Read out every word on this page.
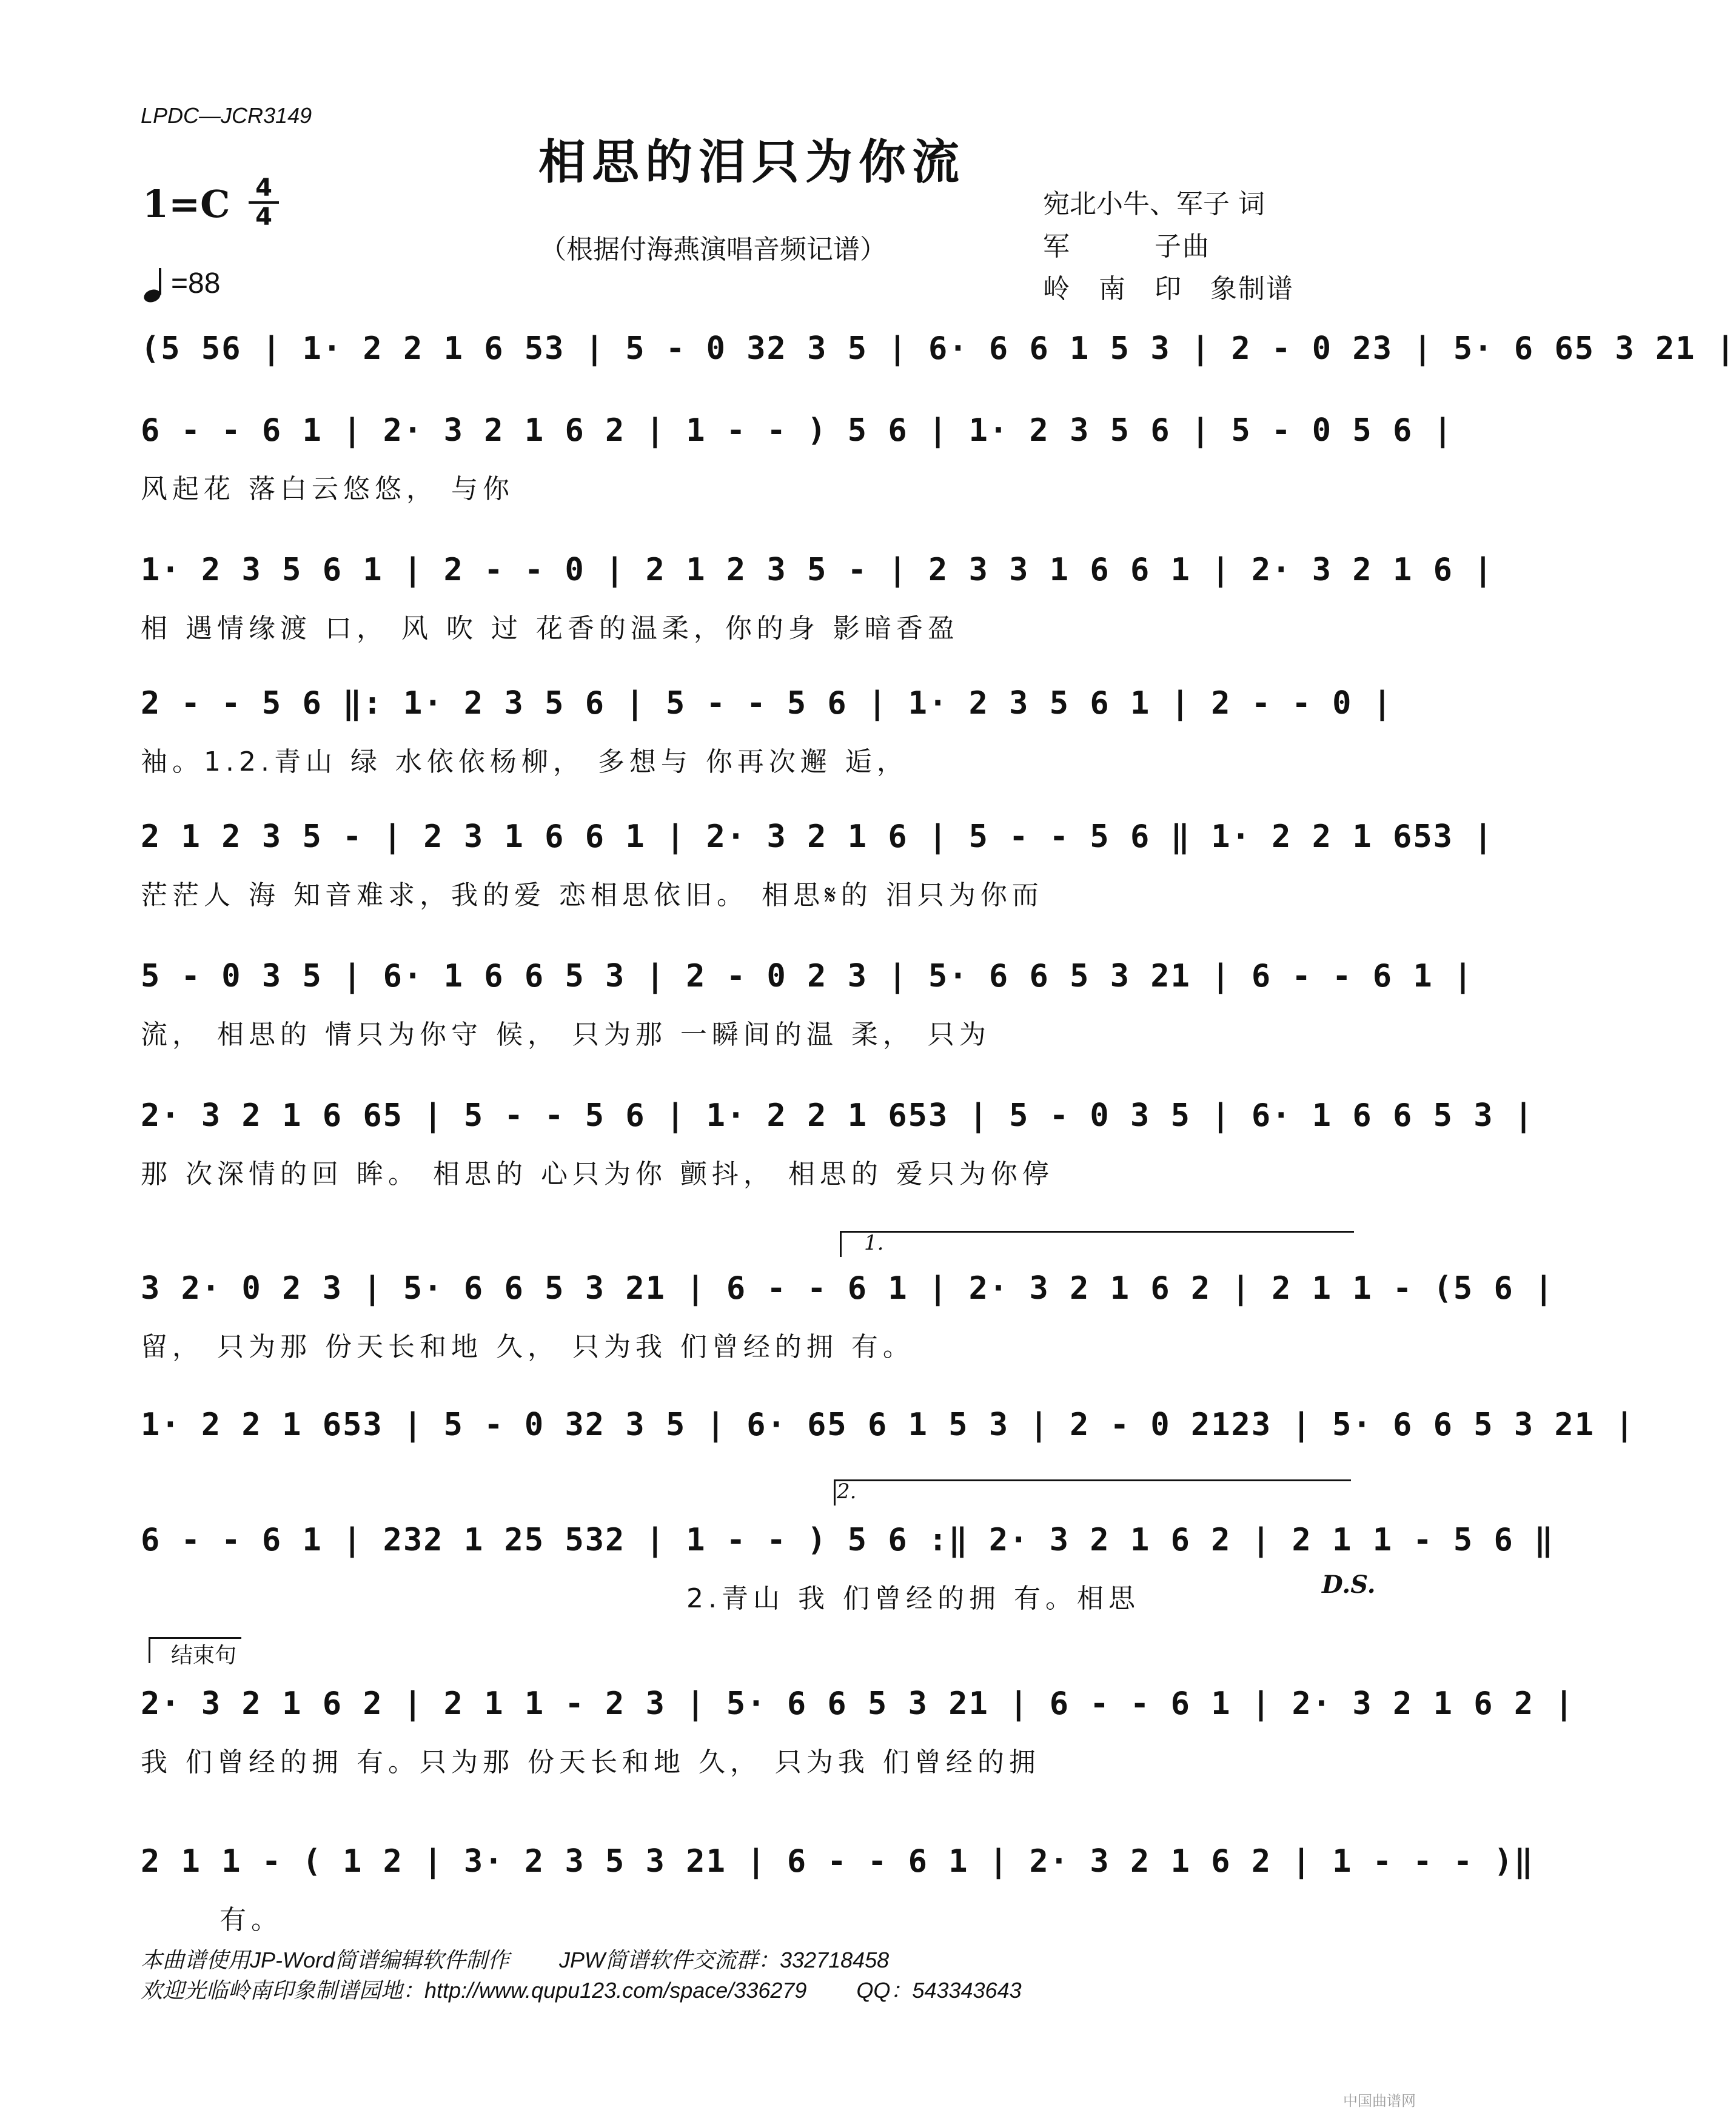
LPDC—JCR3149
相思的泪只为你流
1=C 4
4
=88
（根据付海燕演唱音频记谱）
宛北小牛、军子 词
军　　　子曲
岭　南　印　象制谱
(5 56 | 1· 2 2 1 6 53 | 5 - 0 32 3 5 | 6· 6 6 1 5 3 | 2 - 0 23 | 5· 6 65 3 21 |
6 - - 6 1 | 2· 3 2 1 6 2 | 1 - - ) 5 6 | 1· 2 3 5 6 | 5 - 0 5 6 |
风起花 落白云悠悠， 与你
1· 2 3 5 6 1 | 2 - - 0 | 2 1 2 3 5 - | 2 3 3 1 6 6 1 | 2· 3 2 1 6 |
相 遇情缘渡 口， 风 吹 过 花香的温柔，你的身 影暗香盈
2 - - 5 6 ‖: 1· 2 3 5 6 | 5 - - 5 6 | 1· 2 3 5 6 1 | 2 - - 0 |
袖。1.2.青山 绿 水依依杨柳， 多想与 你再次邂 逅，
2 1 2 3 5 - | 2 3 1 6 6 1 | 2· 3 2 1 6 | 5 - - 5 6 ‖ 1· 2 2 1 653 |
茫茫人 海 知音难求，我的爱 恋相思依旧。 相思𝄋的 泪只为你而
5 - 0 3 5 | 6· 1 6 6 5 3 | 2 - 0 2 3 | 5· 6 6 5 3 21 | 6 - - 6 1 |
流， 相思的 情只为你守 候， 只为那 一瞬间的温 柔， 只为
2· 3 2 1 6 65 | 5 - - 5 6 | 1· 2 2 1 653 | 5 - 0 3 5 | 6· 1 6 6 5 3 |
那 次深情的回 眸。 相思的 心只为你 颤抖， 相思的 爱只为你停
3 2· 0 2 3 | 5· 6 6 5 3 21 | 6 - - 6 1 | 2· 3 2 1 6 2 | 2 1 1 - (5 6 |
留， 只为那 份天长和地 久， 只为我 们曾经的拥 有。
1· 2 2 1 653 | 5 - 0 32 3 5 | 6· 65 6 1 5 3 | 2 - 0 2123 | 5· 6 6 5 3 21 |
6 - - 6 1 | 232 1 25 532 | 1 - - ) 5 6 :‖ 2· 3 2 1 6 2 | 2 1 1 - 5 6 ‖
2.青山 我 们曾经的拥 有。相思
2· 3 2 1 6 2 | 2 1 1 - 2 3 | 5· 6 6 5 3 21 | 6 - - 6 1 | 2· 3 2 1 6 2 |
我 们曾经的拥 有。只为那 份天长和地 久， 只为我 们曾经的拥
2 1 1 - ( 1 2 | 3· 2 3 5 3 21 | 6 - - 6 1 | 2· 3 2 1 6 2 | 1 - - - )‖
有。
1.
2.
D.S.
结束句
本曲谱使用JP-Word简谱编辑软件制作　　 JPW简谱软件交流群：332718458
欢迎光临岭南印象制谱园地：http://www.qupu123.com/space/336279　　 QQ：543343643
中国曲谱网
